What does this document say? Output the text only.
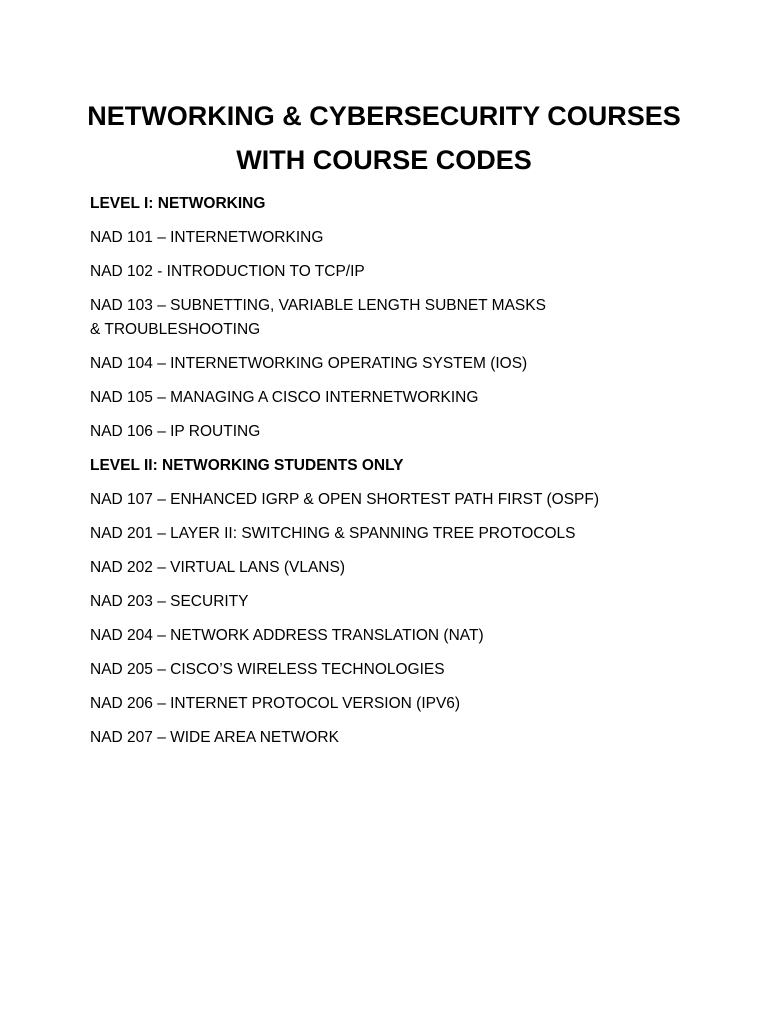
NETWORKING & CYBERSECURITY COURSES
WITH COURSE CODES
LEVEL I: NETWORKING
NAD 101 – INTERNETWORKING
NAD 102 - INTRODUCTION TO TCP/IP
NAD 103 – SUBNETTING, VARIABLE LENGTH SUBNET MASKS & TROUBLESHOOTING
NAD 104 – INTERNETWORKING OPERATING SYSTEM (IOS)
NAD 105 – MANAGING A CISCO INTERNETWORKING
NAD 106 – IP ROUTING
LEVEL II: NETWORKING STUDENTS ONLY
NAD 107 – ENHANCED IGRP & OPEN SHORTEST PATH FIRST (OSPF)
NAD 201 – LAYER II: SWITCHING & SPANNING TREE PROTOCOLS
NAD 202 – VIRTUAL LANS (VLANS)
NAD 203 – SECURITY
NAD 204 – NETWORK ADDRESS TRANSLATION (NAT)
NAD 205 – CISCO’S WIRELESS TECHNOLOGIES
NAD 206 – INTERNET PROTOCOL VERSION (IPV6)
NAD 207 – WIDE AREA NETWORK
